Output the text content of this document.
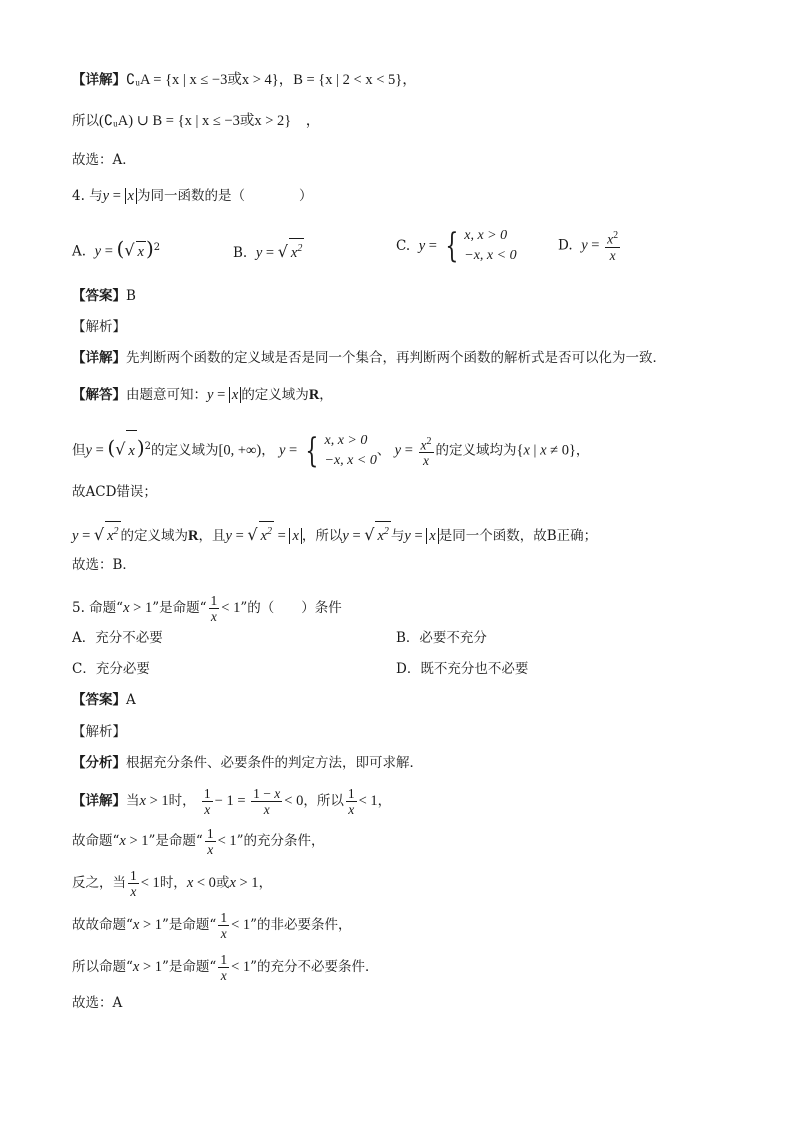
【详解】∁ᵤA = {x | x ≤ −3或x > 4}，B = {x | 2 < x < 5}，
所以(∁ᵤA) ∪ B = {x | x ≤ −3或x > 2}　，
故选：A．
4. 与y = x 为同一函数的是（　　　　）
A. y = (√ x )$^2$	B. y = √ $x^2$	C. y = { x, x > 0
−x, x < 0
D. $y = \frac{x^2}{x}$
【答案】B
【解析】
【详解】先判断两个函数的定义域是否是同一个集合，再判断两个函数的解析式是否可以化为一致．
【解答】由题意可知：y = x 的定义域为R，
但y = (√ x )$^2$的定义域为[0, +∞)， y = { x, x > 0
−x, x < 0
、 $y = \frac{x^2}{x}$ 的定义域均为{x | x ≠ 0}，
故ACD错误；
y = √ $x^2$ 的定义域为R，且y = √ $x^2 = x$ ，所以y = √ $x^2$ 与y = x 是同一个函数，故B正确；
故选：B．
5. 命题“x > 1”是命题“ $\frac{1}{x} < 1$”的（　　）条件
A．充分不必要	B．必要不充分
C．充分必要	D．既不充分也不必要
【答案】A
【解析】
【分析】根据充分条件、必要条件的判定方法，即可求解．
【详解】当x > 1时， $\frac{1}{x} - 1 = \frac{1 - x}{x} < 0$，所以 $\frac{1}{x} < 1$，
故命题“x > 1”是命题“ $\frac{1}{x} < 1$”的充分条件，
反之，当 $\frac{1}{x} < 1$时，x < 0或x > 1，
故故命题“x > 1”是命题“ $\frac{1}{x} < 1$”的非必要条件，
所以命题“x > 1”是命题“ $\frac{1}{x} < 1$”的充分不必要条件．
故选：A
